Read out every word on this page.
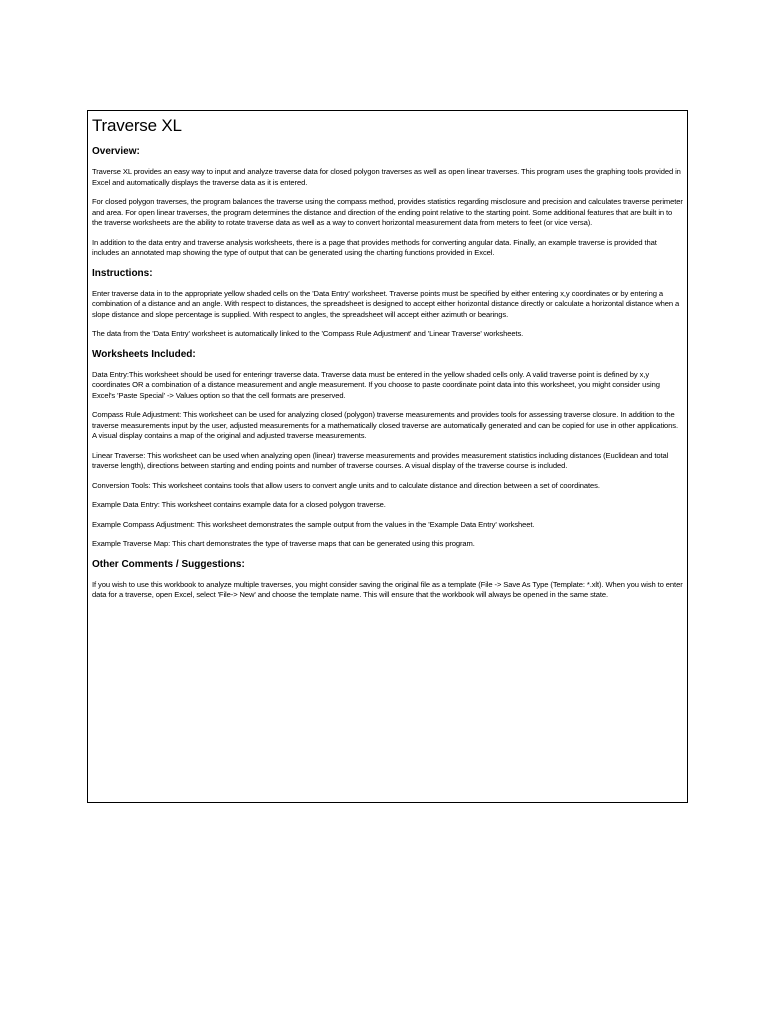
Traverse XL
Overview:

Traverse XL provides an easy way to input and analyze traverse data for closed polygon traverses as well as open linear traverses. This program uses the graphing tools provided in Excel and automatically displays the traverse data as it is entered.

For closed polygon traverses, the program balances the traverse using the compass method, provides statistics regarding misclosure and precision and calculates traverse perimeter and area. For open linear traverses, the program determines the distance and direction of the ending point relative to the starting point. Some additional features that are built in to the traverse worksheets are the ability to rotate traverse data as well as a way to convert horizontal measurement data from meters to feet (or vice versa).

In addition to the data entry and traverse analysis worksheets, there is a page that provides methods for converting angular data. Finally, an example traverse is provided that includes an annotated map showing the type of output that can be generated using the charting functions provided in Excel.

Instructions:

Enter traverse data in to the appropriate yellow shaded cells on the 'Data Entry' worksheet. Traverse points must be specified by either entering x,y coordinates or by entering a combination of a distance and an angle. With respect to distances, the spreadsheet is designed to accept either horizontal distance directly or calculate a horizontal distance when a slope distance and slope percentage is supplied. With respect to angles, the spreadsheet will accept either azimuth or bearings.

The data from the 'Data Entry' worksheet is automatically linked to the 'Compass Rule Adjustment' and 'Linear Traverse' worksheets.

Worksheets Included:

Data Entry:This worksheet should be used for enteringr traverse data. Traverse data must be entered in the yellow shaded cells only. A valid traverse point is defined by x,y coordinates OR a combination of a distance measurement and angle measurement. If you choose to paste coordinate point data into this worksheet, you might consider using Excel's 'Paste Special' -> Values option so that the cell formats are preserved.

Compass Rule Adjustment: This worksheet can be used for analyzing closed (polygon) traverse measurements and provides tools for assessing traverse closure. In addition to the traverse measurements input by the user, adjusted measurements for a mathematically closed traverse are automatically generated and can be copied for use in other applications. A visual display contains a map of the original and adjusted traverse measurements.

Linear Traverse: This worksheet can be used when analyzing open (linear) traverse measurements and provides measurement statistics including distances (Euclidean and total traverse length), directions between starting and ending points and number of traverse courses. A visual display of the traverse course is included.

Conversion Tools: This worksheet contains tools that allow users to convert angle units and to calculate distance and direction between a set of coordinates.

Example Data Entry: This worksheet contains example data for a closed polygon traverse.

Example Compass Adjustment: This worksheet demonstrates the sample output from the values in the 'Example Data Entry' worksheet.

Example Traverse Map: This chart demonstrates the type of traverse maps that can be generated using this program.

Other Comments / Suggestions:

If you wish to use this workbook to analyze multiple traverses, you might consider saving the original file as a template (File -> Save As Type (Template: *.xlt). When you wish to enter data for a traverse, open Excel, select 'File-> New' and choose the template name. This will ensure that the workbook will always be opened in the same state.
